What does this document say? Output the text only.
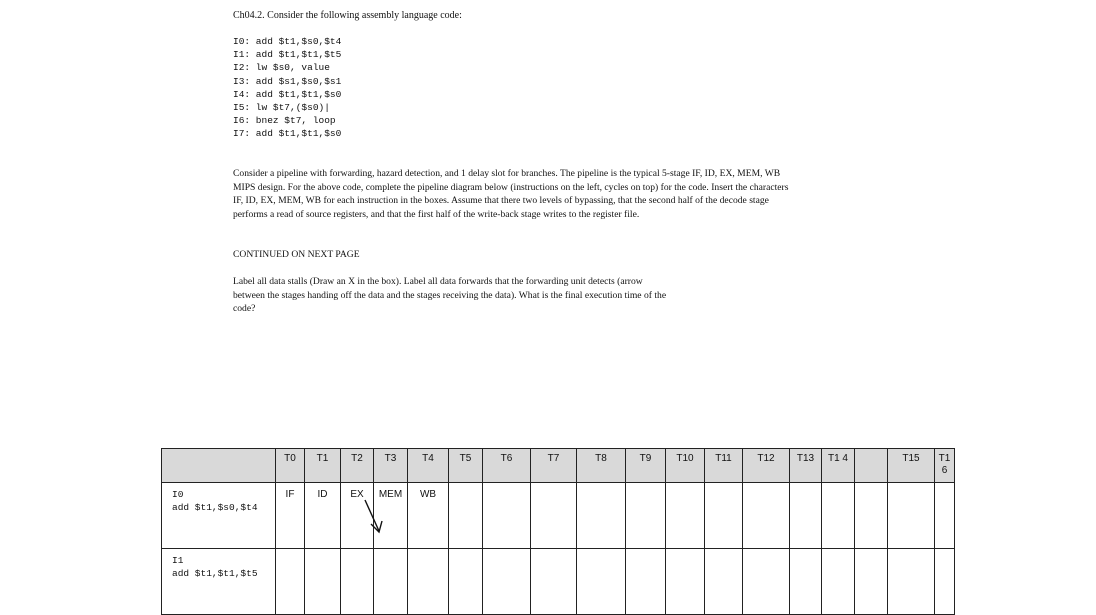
Ch04.2. Consider the following assembly language code:
I0: add $t1,$s0,$t4
I1: add $t1,$t1,$t5
I2: lw $s0, value
I3: add $s1,$s0,$s1
I4: add $t1,$t1,$s0
I5: lw $t7,($s0)|
I6: bnez $t7, loop
I7: add $t1,$t1,$s0
Consider a pipeline with forwarding, hazard detection, and 1 delay slot for branches. The pipeline is the typical 5-stage IF, ID, EX, MEM, WB MIPS design. For the above code, complete the pipeline diagram below (instructions on the left, cycles on top) for the code. Insert the characters IF, ID, EX, MEM, WB for each instruction in the boxes. Assume that there two levels of bypassing, that the second half of the decode stage performs a read of source registers, and that the first half of the write-back stage writes to the register file.
CONTINUED ON NEXT PAGE
Label all data stalls (Draw an X in the box). Label all data forwards that the forwarding unit detects (arrow between the stages handing off the data and the stages receiving the data). What is the final execution time of the code?
	T0	T1	T2	T3	T4	T5	T6	T7	T8	T9	T10	T11	T12	T13	T1 4		T15	T1 6

I0
add $t1,$s0,$t4	IF	ID	EX	MEM	WB													

I1
add $t1,$t1,$t5																		
